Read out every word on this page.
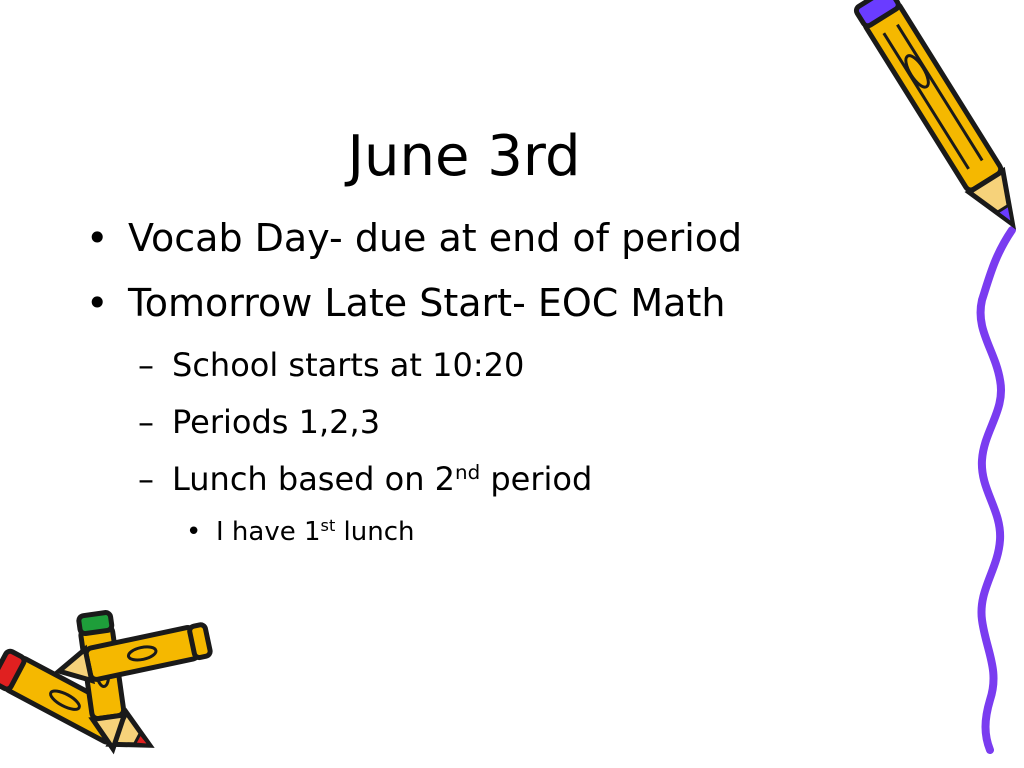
June 3rd

• Vocab Day- due at end of period

• Tomorrow Late Start- EOC Math

– School starts at 10:20

– Periods 1,2,3

– Lunch based on 2nd period

• I have 1st lunch
